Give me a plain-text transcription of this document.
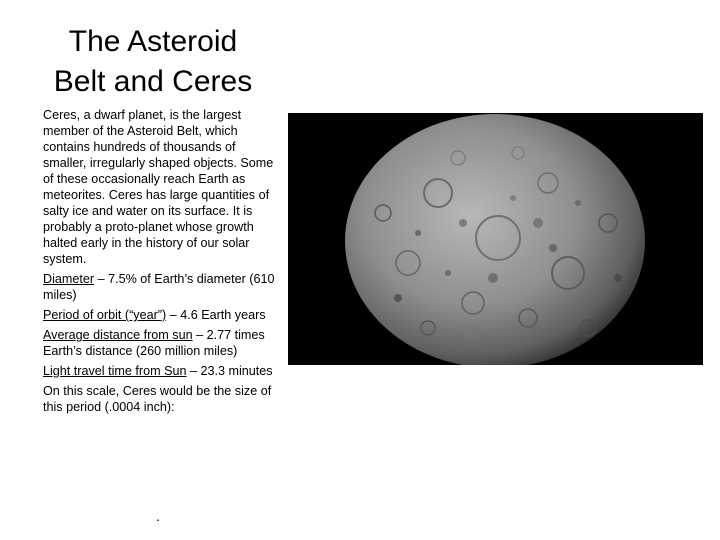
The Asteroid
Belt and Ceres

Ceres, a dwarf planet, is the largest member of the Asteroid Belt, which contains hundreds of thousands of smaller, irregularly shaped objects. Some of these occasionally reach Earth as meteorites. Ceres has large quantities of salty ice and water on its surface. It is probably a proto-planet whose growth halted early in the history of our solar system.

Diameter – 7.5% of Earth’s diameter (610 miles)

Period of orbit (“year”) – 4.6 Earth years

Average distance from sun – 2.77 times Earth’s distance (260 million miles)

Light travel time from Sun – 23.3 minutes

On this scale, Ceres would be the size of this period (.0004 inch):

.
